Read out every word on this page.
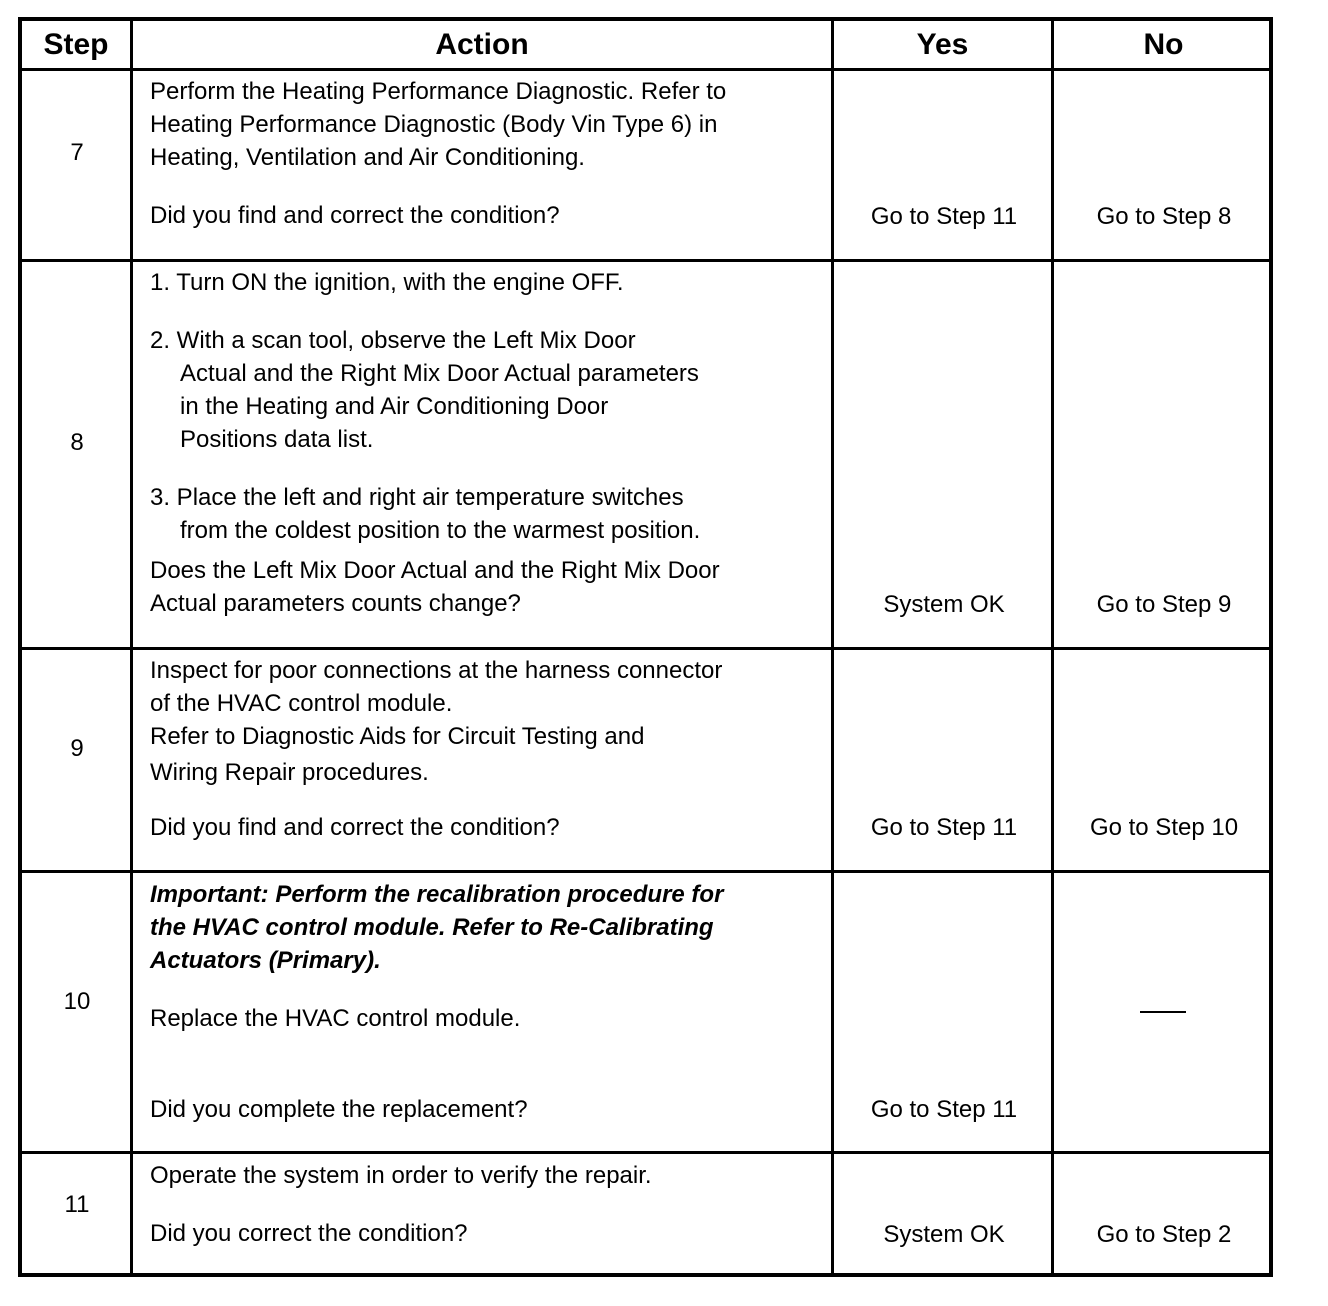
Step	Action	Yes	No
7
Perform the Heating Performance Diagnostic. Refer to
Heating Performance Diagnostic (Body Vin Type 6) in
Heating, Ventilation and Air Conditioning.
Did you find and correct the condition?	Go to Step 11	Go to Step 8
8
1. Turn ON the ignition, with the engine OFF.
2. With a scan tool, observe the Left Mix Door
Actual and the Right Mix Door Actual parameters
in the Heating and Air Conditioning Door
Positions data list.
3. Place the left and right air temperature switches
from the coldest position to the warmest position.
Does the Left Mix Door Actual and the Right Mix Door
Actual parameters counts change?	System OK	Go to Step 9
9
Inspect for poor connections at the harness connector
of the HVAC control module.
Refer to Diagnostic Aids for Circuit Testing and
Wiring Repair procedures.
Did you find and correct the condition?	Go to Step 11	Go to Step 10
10
Important: Perform the recalibration procedure for
the HVAC control module. Refer to Re-Calibrating
Actuators (Primary).
Replace the HVAC control module.
Did you complete the replacement?	Go to Step 11
11
Operate the system in order to verify the repair.
Did you correct the condition?	System OK	Go to Step 2
